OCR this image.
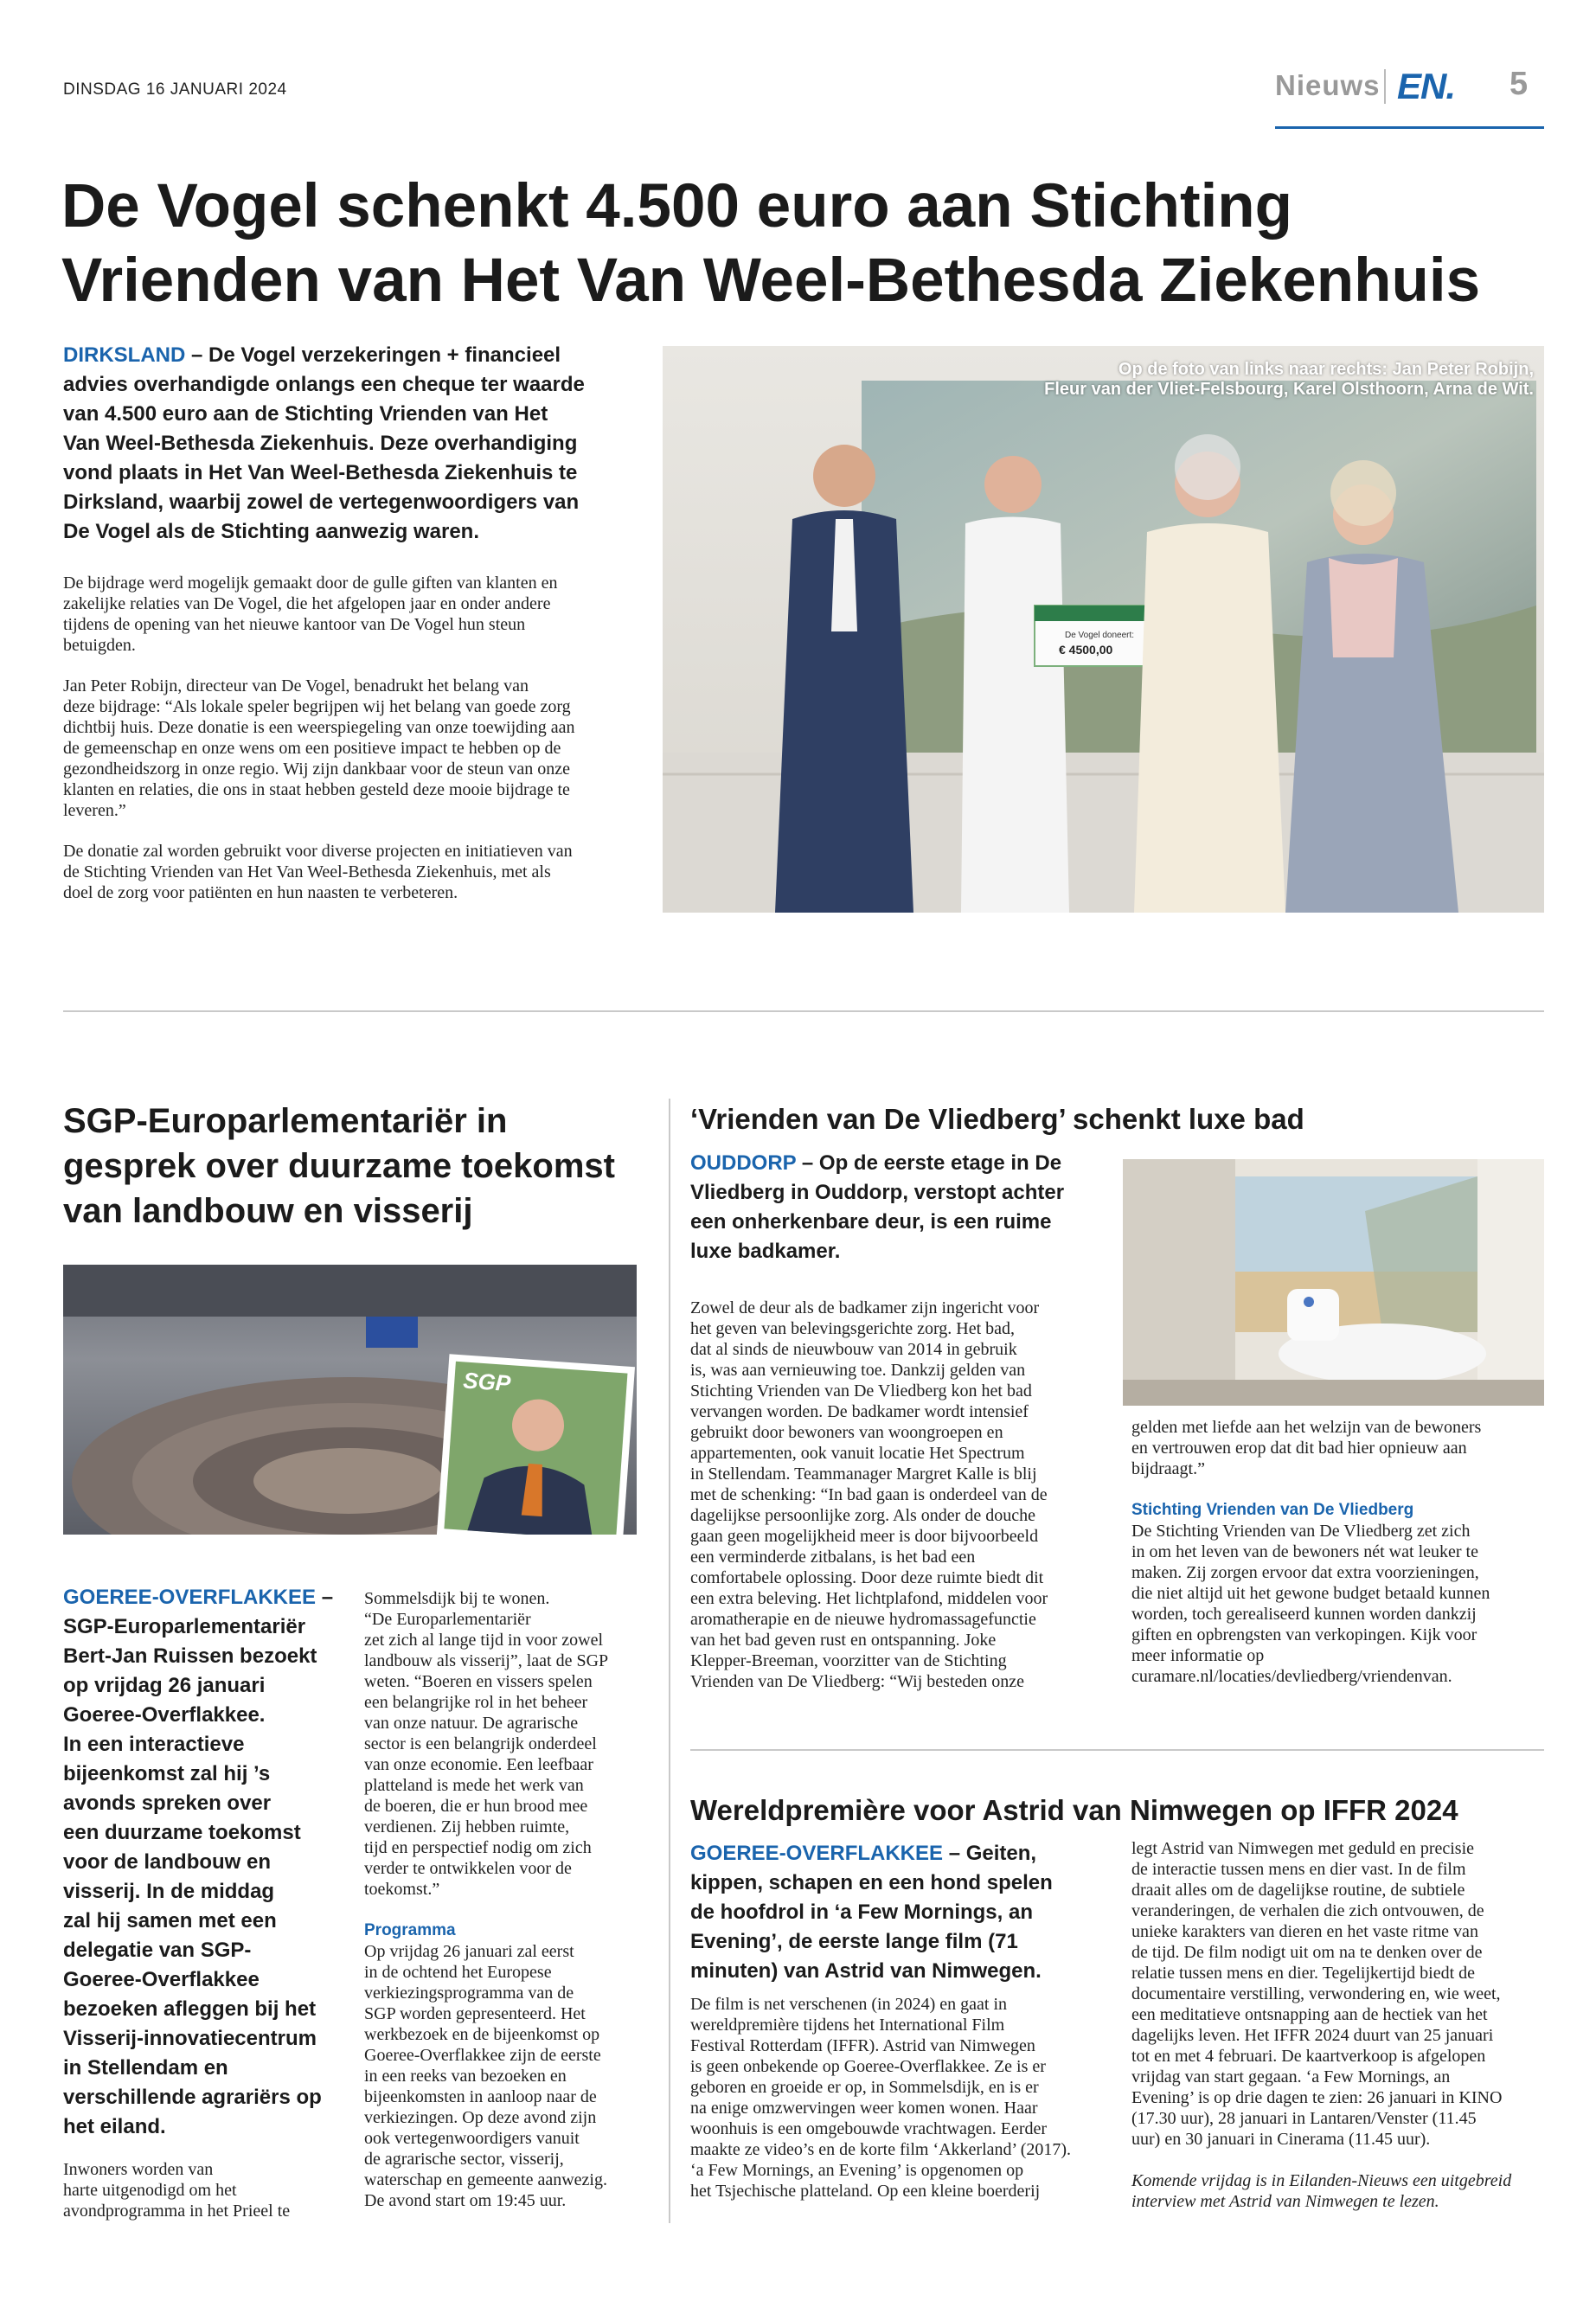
DINSDAG 16 JANUARI 2024	Nieuws EN. 5
De Vogel schenkt 4.500 euro aan Stichting
Vrienden van Het Van Weel-Bethesda Ziekenhuis
DIRKSLAND – De Vogel verzekeringen + financieel
advies overhandigde onlangs een cheque ter waarde
van 4.500 euro aan de Stichting Vrienden van Het
Van Weel-Bethesda Ziekenhuis. Deze overhandiging
vond plaats in Het Van Weel-Bethesda Ziekenhuis te
Dirksland, waarbij zowel de vertegenwoordigers van
De Vogel als de Stichting aanwezig waren.

De bijdrage werd mogelijk gemaakt door de gulle giften van klanten en
zakelijke relaties van De Vogel, die het afgelopen jaar en onder andere
tijdens de opening van het nieuwe kantoor van De Vogel hun steun
betuigden.

Jan Peter Robijn, directeur van De Vogel, benadrukt het belang van
deze bijdrage: “Als lokale speler begrijpen wij het belang van goede zorg
dichtbij huis. Deze donatie is een weerspiegeling van onze toewijding aan
de gemeenschap en onze wens om een positieve impact te hebben op de
gezondheidszorg in onze regio. Wij zijn dankbaar voor de steun van onze
klanten en relaties, die ons in staat hebben gesteld deze mooie bijdrage te
leveren.”

De donatie zal worden gebruikt voor diverse projecten en initiatieven van
de Stichting Vrienden van Het Van Weel-Bethesda Ziekenhuis, met als
doel de zorg voor patiënten en hun naasten te verbeteren.

De Vogel doneert:
€ 4500,00
Op de foto van links naar rechts: Jan Peter Robijn,
Fleur van der Vliet-Felsbourg, Karel Olsthoorn, Arna de Wit.
SGP-Europarlementariër in
gesprek over duurzame toekomst
van landbouw en visserij
SGP
GOEREE-OVERFLAKKEE –
SGP-Europarlementariër
Bert-Jan Ruissen bezoekt
op vrijdag 26 januari
Goeree-Overflakkee.
In een interactieve
bijeenkomst zal hij ’s
avonds spreken over
een duurzame toekomst
voor de landbouw en
visserij. In de middag
zal hij samen met een
delegatie van SGP-
Goeree-Overflakkee
bezoeken afleggen bij het
Visserij-innovatiecentrum
in Stellendam en
verschillende agrariërs op
het eiland.
Inwoners worden van
harte uitgenodigd om het
avondprogramma in het Prieel te
Sommelsdijk bij te wonen.
“De Europarlementariër
zet zich al lange tijd in voor zowel
landbouw als visserij”, laat de SGP
weten. “Boeren en vissers spelen
een belangrijke rol in het beheer
van onze natuur. De agrarische
sector is een belangrijk onderdeel
van onze economie. Een leefbaar
platteland is mede het werk van
de boeren, die er hun brood mee
verdienen. Zij hebben ruimte,
tijd en perspectief nodig om zich
verder te ontwikkelen voor de
toekomst.”
Programma
Op vrijdag 26 januari zal eerst
in de ochtend het Europese
verkiezingsprogramma van de
SGP worden gepresenteerd. Het
werkbezoek en de bijeenkomst op
Goeree-Overflakkee zijn de eerste
in een reeks van bezoeken en
bijeenkomsten in aanloop naar de
verkiezingen. Op deze avond zijn
ook vertegenwoordigers vanuit
de agrarische sector, visserij,
waterschap en gemeente aanwezig.
De avond start om 19:45 uur.
‘Vrienden van De Vliedberg’ schenkt luxe bad
OUDDORP – Op de eerste etage in De
Vliedberg in Ouddorp, verstopt achter
een onherkenbare deur, is een ruime
luxe badkamer.
Zowel de deur als de badkamer zijn ingericht voor
het geven van belevingsgerichte zorg. Het bad,
dat al sinds de nieuwbouw van 2014 in gebruik
is, was aan vernieuwing toe. Dankzij gelden van
Stichting Vrienden van De Vliedberg kon het bad
vervangen worden. De badkamer wordt intensief
gebruikt door bewoners van woongroepen en
appartementen, ook vanuit locatie Het Spectrum
in Stellendam. Teammanager Margret Kalle is blij
met de schenking: “In bad gaan is onderdeel van de
dagelijkse persoonlijke zorg. Als onder de douche
gaan geen mogelijkheid meer is door bijvoorbeeld
een verminderde zitbalans, is het bad een
comfortabele oplossing. Door deze ruimte biedt dit
een extra beleving. Het lichtplafond, middelen voor
aromatherapie en de nieuwe hydromassagefunctie
van het bad geven rust en ontspanning. Joke
Klepper-Breeman, voorzitter van de Stichting
Vrienden van De Vliedberg: “Wij besteden onze
gelden met liefde aan het welzijn van de bewoners
en vertrouwen erop dat dit bad hier opnieuw aan
bijdraagt.”
Stichting Vrienden van De Vliedberg
De Stichting Vrienden van De Vliedberg zet zich
in om het leven van de bewoners nét wat leuker te
maken. Zij zorgen ervoor dat extra voorzieningen,
die niet altijd uit het gewone budget betaald kunnen
worden, toch gerealiseerd kunnen worden dankzij
giften en opbrengsten van verkopingen. Kijk voor
meer informatie op
curamare.nl/locaties/devliedberg/vriendenvan.
Wereldpremière voor Astrid van Nimwegen op IFFR 2024
GOEREE-OVERFLAKKEE – Geiten,
kippen, schapen en een hond spelen
de hoofdrol in ‘a Few Mornings, an
Evening’, de eerste lange film (71
minuten) van Astrid van Nimwegen.
De film is net verschenen (in 2024) en gaat in
wereldpremière tijdens het International Film
Festival Rotterdam (IFFR). Astrid van Nimwegen
is geen onbekende op Goeree-Overflakkee. Ze is er
geboren en groeide er op, in Sommelsdijk, en is er
na enige omzwervingen weer komen wonen. Haar
woonhuis is een omgebouwde vrachtwagen. Eerder
maakte ze video’s en de korte film ‘Akkerland’ (2017).
‘a Few Mornings, an Evening’ is opgenomen op
het Tsjechische platteland. Op een kleine boerderij
legt Astrid van Nimwegen met geduld en precisie
de interactie tussen mens en dier vast. In de film
draait alles om de dagelijkse routine, de subtiele
veranderingen, de verhalen die zich ontvouwen, de
unieke karakters van dieren en het vaste ritme van
de tijd. De film nodigt uit om na te denken over de
relatie tussen mens en dier. Tegelijkertijd biedt de
documentaire verstilling, verwondering en, wie weet,
een meditatieve ontsnapping aan de hectiek van het
dagelijks leven. Het IFFR 2024 duurt van 25 januari
tot en met 4 februari. De kaartverkoop is afgelopen
vrijdag van start gegaan. ‘a Few Mornings, an
Evening’ is op drie dagen te zien: 26 januari in KINO
(17.30 uur), 28 januari in Lantaren/Venster (11.45
uur) en 30 januari in Cinerama (11.45 uur).
Komende vrijdag is in Eilanden-Nieuws een uitgebreid
interview met Astrid van Nimwegen te lezen.
